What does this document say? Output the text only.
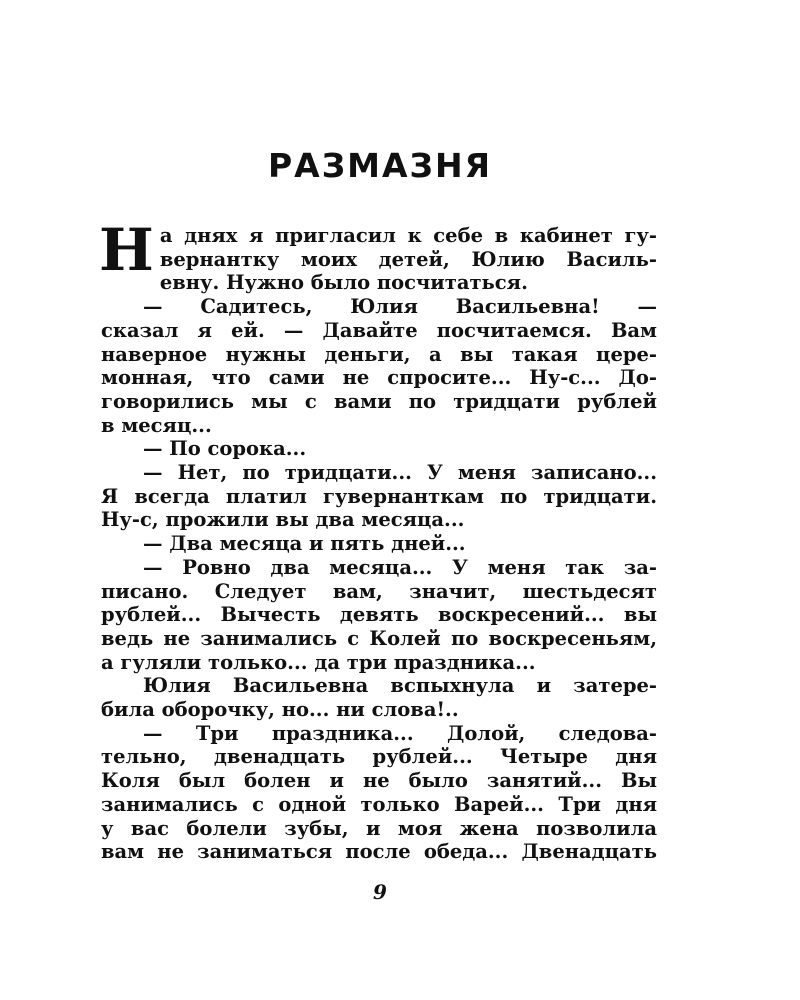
РАЗМАЗНЯ
Н а днях я пригласил к себе в кабинет гу-
вернантку моих детей, Юлию Василь-
евну. Нужно было посчитаться.
— Садитесь, Юлия Васильевна! —
сказал я ей. — Давайте посчитаемся. Вам
наверное нужны деньги, а вы такая цере-
монная, что сами не спросите... Ну-с... До-
говорились мы с вами по тридцати рублей
в месяц...
— По сорока...
— Нет, по тридцати... У меня записано...
Я всегда платил гувернанткам по тридцати.
Ну-с, прожили вы два месяца...
— Два месяца и пять дней...
— Ровно два месяца... У меня так за-
писано. Следует вам, значит, шестьдесят
рублей... Вычесть девять воскресений... вы
ведь не занимались с Колей по воскресеньям,
а гуляли только... да три праздника...
Юлия Васильевна вспыхнула и затере-
била оборочку, но... ни слова!..
— Три праздника... Долой, следова-
тельно, двенадцать рублей... Четыре дня
Коля был болен и не было занятий... Вы
занимались с одной только Варей... Три дня
у вас болели зубы, и моя жена позволила
вам не заниматься после обеда... Двенадцать
9
